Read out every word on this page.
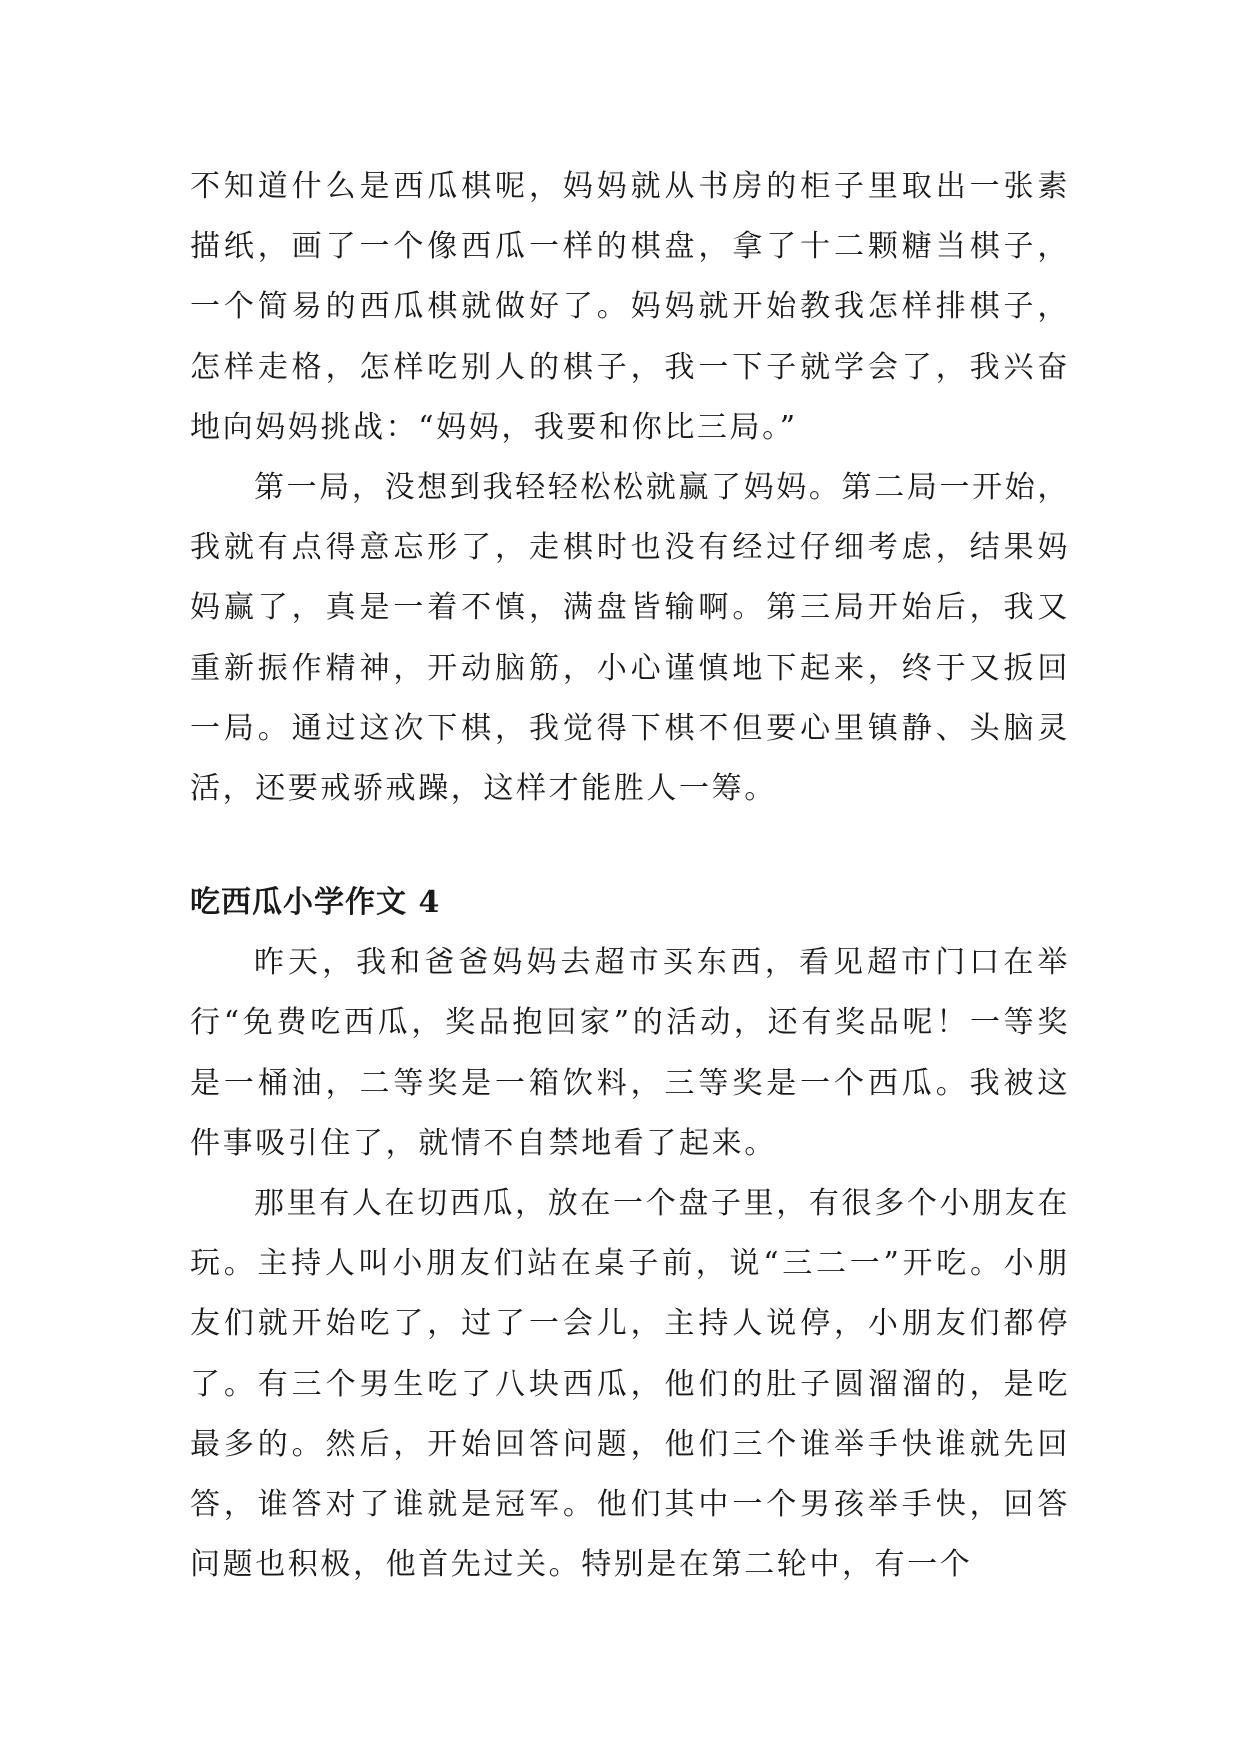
不知道什么是西瓜棋呢，妈妈就从书房的柜子里取出一张素描纸，画了一个像西瓜一样的棋盘，拿了十二颗糖当棋子，一个简易的西瓜棋就做好了。妈妈就开始教我怎样排棋子，怎样走格，怎样吃别人的棋子，我一下子就学会了，我兴奋地向妈妈挑战：“妈妈，我要和你比三局。”

第一局，没想到我轻轻松松就赢了妈妈。第二局一开始，我就有点得意忘形了，走棋时也没有经过仔细考虑，结果妈妈赢了，真是一着不慎，满盘皆输啊。第三局开始后，我又重新振作精神，开动脑筋，小心谨慎地下起来，终于又扳回一局。通过这次下棋，我觉得下棋不但要心里镇静、头脑灵活，还要戒骄戒躁，这样才能胜人一筹。

吃西瓜小学作文 4

昨天，我和爸爸妈妈去超市买东西，看见超市门口在举行“免费吃西瓜，奖品抱回家”的活动，还有奖品呢！一等奖是一桶油，二等奖是一箱饮料，三等奖是一个西瓜。我被这件事吸引住了，就情不自禁地看了起来。

那里有人在切西瓜，放在一个盘子里，有很多个小朋友在玩。主持人叫小朋友们站在桌子前，说“三二一”开吃。小朋友们就开始吃了，过了一会儿，主持人说停，小朋友们都停了。有三个男生吃了八块西瓜，他们的肚子圆溜溜的，是吃最多的。然后，开始回答问题，他们三个谁举手快谁就先回答，谁答对了谁就是冠军。他们其中一个男孩举手快，回答问题也积极，他首先过关。特别是在第二轮中，有一个
